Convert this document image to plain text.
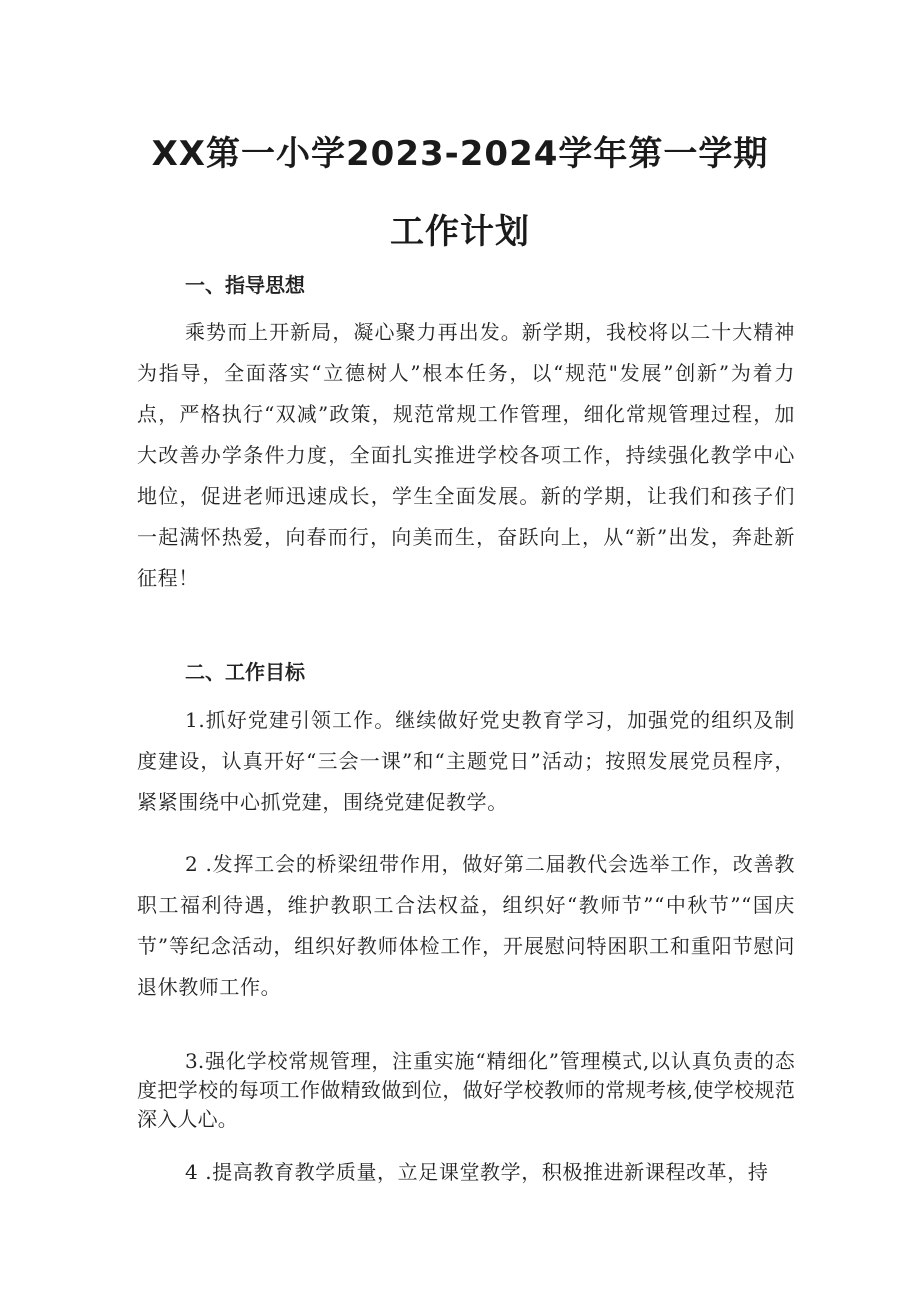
XX第一小学2023-2024学年第一学期
工作计划
一、指导思想

乘势而上开新局，凝心聚力再出发。新学期，我校将以二十大精神为指导，全面落实“立德树人”根本任务，以“规范"发展”创新”为着力点，严格执行“双减”政策，规范常规工作管理，细化常规管理过程，加大改善办学条件力度，全面扎实推进学校各项工作，持续强化教学中心地位，促进老师迅速成长，学生全面发展。新的学期，让我们和孩子们一起满怀热爱，向春而行，向美而生，奋跃向上，从“新”出发，奔赴新征程！

二、工作目标

1.抓好党建引领工作。继续做好党史教育学习，加强党的组织及制度建设，认真开好“三会一课”和“主题党日”活动；按照发展党员程序，紧紧围绕中心抓党建，围绕党建促教学。

2 .发挥工会的桥梁纽带作用，做好第二届教代会选举工作，改善教职工福利待遇，维护教职工合法权益，组织好“教师节”“中秋节”“国庆节”等纪念活动，组织好教师体检工作，开展慰问特困职工和重阳节慰问退休教师工作。

3.强化学校常规管理，注重实施“精细化”管理模式,以认真负责的态度把学校的每项工作做精致做到位，做好学校教师的常规考核,使学校规范深入人心。

4 .提高教育教学质量，立足课堂教学，积极推进新课程改革，持
